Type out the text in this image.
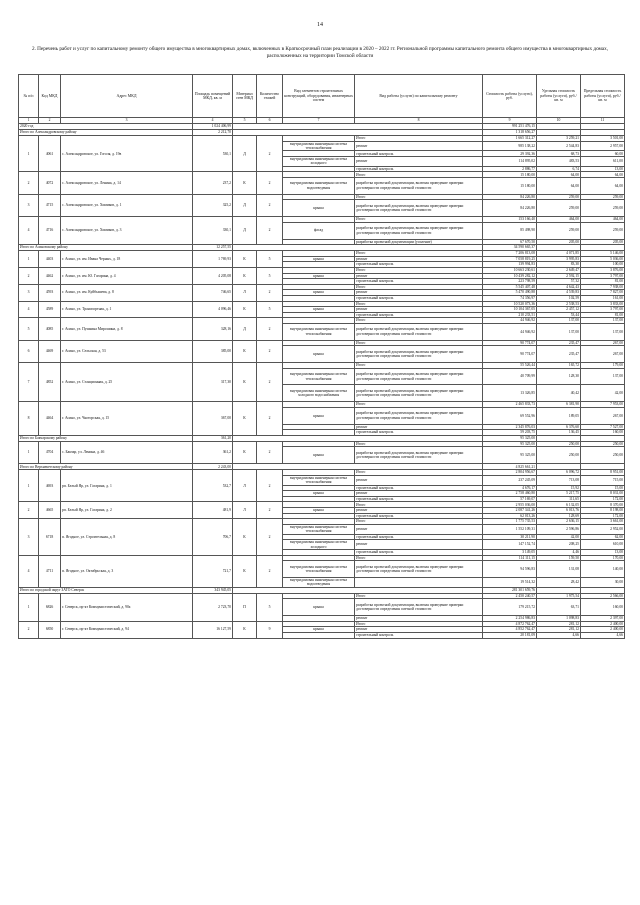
14
2. Перечень работ и услуг по капитальному ремонту общего имущества в многоквартирных домах, включенных в Краткосрочный план реализации в 2020 – 2022 гг. Региональной программы капитального ремонта общего имущества в многоквартирных домах, расположенных на территории Томской области
№ п/п	Код МКД	Адрес МКД	Площадь помещений МКД, кв. м	Материал стен МКД	Количество этажей	Вид элементов строительных конструкций, оборудования, инженерных систем	Вид работы (услуги) по капитальному ремонту	Стоимость работы (услуги), руб.	Удельная стоимость работы (услуги), руб./кв. м	Предельная стоимость работы (услуги), руб./кв. м
1	2	3	4	5	6	7	8	9	10	11
2020 год			1 024 406,99					991 251 476,15		
Итого по Александровскому району			2 212,70					1 318 656,27		
1	4061	с. Александровское, ул. Гоголя, д. 19в	530,1	Д	2		Итого	1 665 312,27	3 259,21	3 501,00
						внутридомовая инженерная система теплоснабжения	ремонт	985 138,22	2 544,83	2 957,00
							строительный контроль	29 392,36	68,73	60,00
						внутридомовая инженерная система холодного	ремонт	114 895,02	483,53	611,00
							строительный контроль	2 886,77	6,74	13,00
2	4072	с. Александровское, ул. Ленина, д. 14	237,2	К	2		Итого	15 180,00	64,00	64,00
						внутридомовая инженерная система водоотведения	разработка проектной документации, включая проведение проверки достоверности определения сметной стоимости	15 180,00	64,00	64,00
3	4715	с. Александровское, ул. Химиков, д. 1	325,2	Д	2		Итого	84 226,80	259,00	259,00
						крыша	разработка проектной документации, включая проведение проверки достоверности определения сметной стоимости	84 226,80	259,00	259,00
4	4716	с. Александровское, ул. Химиков, д. 3	330,1	Д	2		Итого	153 166,40	464,00	464,00
						фасад	разработка проектной документации, включая проведение проверки достоверности определения сметной стоимости	85 498,90	259,00	259,00
							разработка проектной документации (усиление)	67 670,50	205,00	205,00
Итого по Асиновскому району			12 257,55					34 590 665,37		
1	4403	г. Асино, ул. им. Ивана Черных, д. 18	1 769,93	К	5		Итого	7 206 813,08	4 071,85	5 146,00
						крыша	ремонт	7 058 819,25	3 995,83	5 036,00
							строительный контроль	139 994,83	83,30	100,00
2	4462	г. Асино, ул. им. Ю. Гагарина, д. 4	4 205,08	К	5		Итого	10 663 230,61	2 649,47	3 876,00
						крыша	ремонт	10 439 282,12	2 592,15	3 797,00
							строительный контроль	223 798,59	57,32	81,00
3	4593	г. Асино, ул. им. Куйбышева, д. 8	746,65	Л	2		Итого	5 545 407,48	4 642,43	7 938,00
						крыша	ремонт	5 470 490,88	4 539,83	7 827,00
							строительный контроль	74 356,97	102,59	161,00
4	4589	г. Асино, ул. Транспортная, д. 1	4 096,46	К	5		Итого	10 520 073,36	2 538,53	3 833,00
						крыша	ремонт	10 104 367,05	2 457,12	3 797,00
							строительный контроль	210 233,51	53,44	81,00
5	4085	г. Асино, ул. Пушкина Мирошина, д. 8	328,16	Д	2		Итого	44 946,92	137,00	137,00
						внутридомовая инженерная система теплоснабжения	разработка проектной документации, включая проведение проверки достоверности определения сметной стоимости	44 946,92	137,00	137,00
6	4469	г. Асино, ул. Сельская, д. 53	385,00	К	2		Итого	90 774,07	235,47	267,00
						крыша	разработка проектной документации, включая проведение проверки достоверности определения сметной стоимости	90 774,07	235,47	267,00
7	4852	г. Асино, ул. Станционная, д. 25	317,30	К	2		Итого	55 526,44	165,72	179,00
						внутридомовая инженерная система теплоснабжения	разработка проектной документации, включая проведение проверки достоверности определения сметной стоимости	40 709,99	128,30	137,00
						внутридомовая инженерная система холодного водоснабжения	разработка проектной документации, включая проведение проверки достоверности определения сметной стоимости	13 326,85	40,42	42,00
8	4464	г. Асино, ул. Чкоторская, д. 15	367,00	К	2		Итого	2 465 833,73	6 381,90	7 953,00
						крыша	разработка проектной документации, включая проведение проверки достоверности определения сметной стоимости	69 552,96	189,05	267,00
							ремонт	2 345 876,03	6 376,60	7 527,00
							строительный контроль	59 203,75	136,45	160,00
Итого по Бакчарскому району			361,20					95 325,00		
1	4704	с. Бакчар, ул. Ленина, д. 46	361,2	К	2		Итого	95 325,00	250,00	250,00
						крыша	разработка проектной документации, включая проведение проверки достоверности определения сметной стоимости	95 325,00	250,00	250,00
Итого по Верхнекетскому району			2 243,00					4 825 661,21		
1	4693	рп. Белый Яр, ул. Гагарина, д. 1	532,7	Л	2		Итого	2 804 956,67	6 096,72	8 951,00
						внутридомовая инженерная система теплоснабжения	ремонт	237 245,09	713,08	715,00
							строительный контроль	4 676,17	15,92	15,00
						крыша	ремонт	2 758 460,80	5 217,75	8 031,00
							строительный контроль	57 169,07	111,65	172,00
2	4665	рп. Белый Яр, ул. Гагарина, д. 2	481,9	Л	2		Итого	2 955 036,00	6 132,05	8 370,00
						крыша	ремонт	2 087 341,26	6 013,76	8 198,00
							строительный контроль	62 013,26	128,69	172,00
3	6718	п. Ягодное, ул. Строительная, д. 8	706,7	К	2		Итого	1 775 735,53	2 636,15	3 661,00
						внутридомовая инженерная система теплоснабжения	ремонт	1 552 109,31	2 596,86	2 952,00
							строительный контроль	30 211,90	42,00	62,00
						внутридомовая инженерная система холодного	ремонт	147 152,74	208,25	610,00
							строительный контроль	3 149,05	4,46	13,00
4	4711	п. Ягодное, ул. Октябрьская, д. 3	721,7	К	2		Итого	114 111,15	159,50	170,00
						внутридомовая инженерная система теплоснабжения	разработка проектной документации, включая проведение проверки достоверности определения сметной стоимости	94 596,83	131,08	140,00
						внутридомовая инженерная система водоотведения		19 514,32	28,42	30,00
Итого по городской округ ЗАТО Северск			343 945,05					281 301 659,76		
1	6826	г. Северск, пр-кт Коммунистический, д. 90а	2 723,70	П	5		Итого	2 450 240,57	1 975,54	2 566,00
						крыша	разработка проектной документации, включая проведение проверки достоверности определения сметной стоимости	179 215,72	63,71	160,00
							ремонт	2 254 986,83	1 098,83	2 397,00
2	6850	г. Северск, пр-кт Коммунистический, д. 94	16 127,59	К	9		Итого	4 872 762,47	281,12	2 400,00
						крыша	ремонт	4 852 762,47	281,12	2 400,00
							строительный контроль	20 181,09	4,66	4,66
